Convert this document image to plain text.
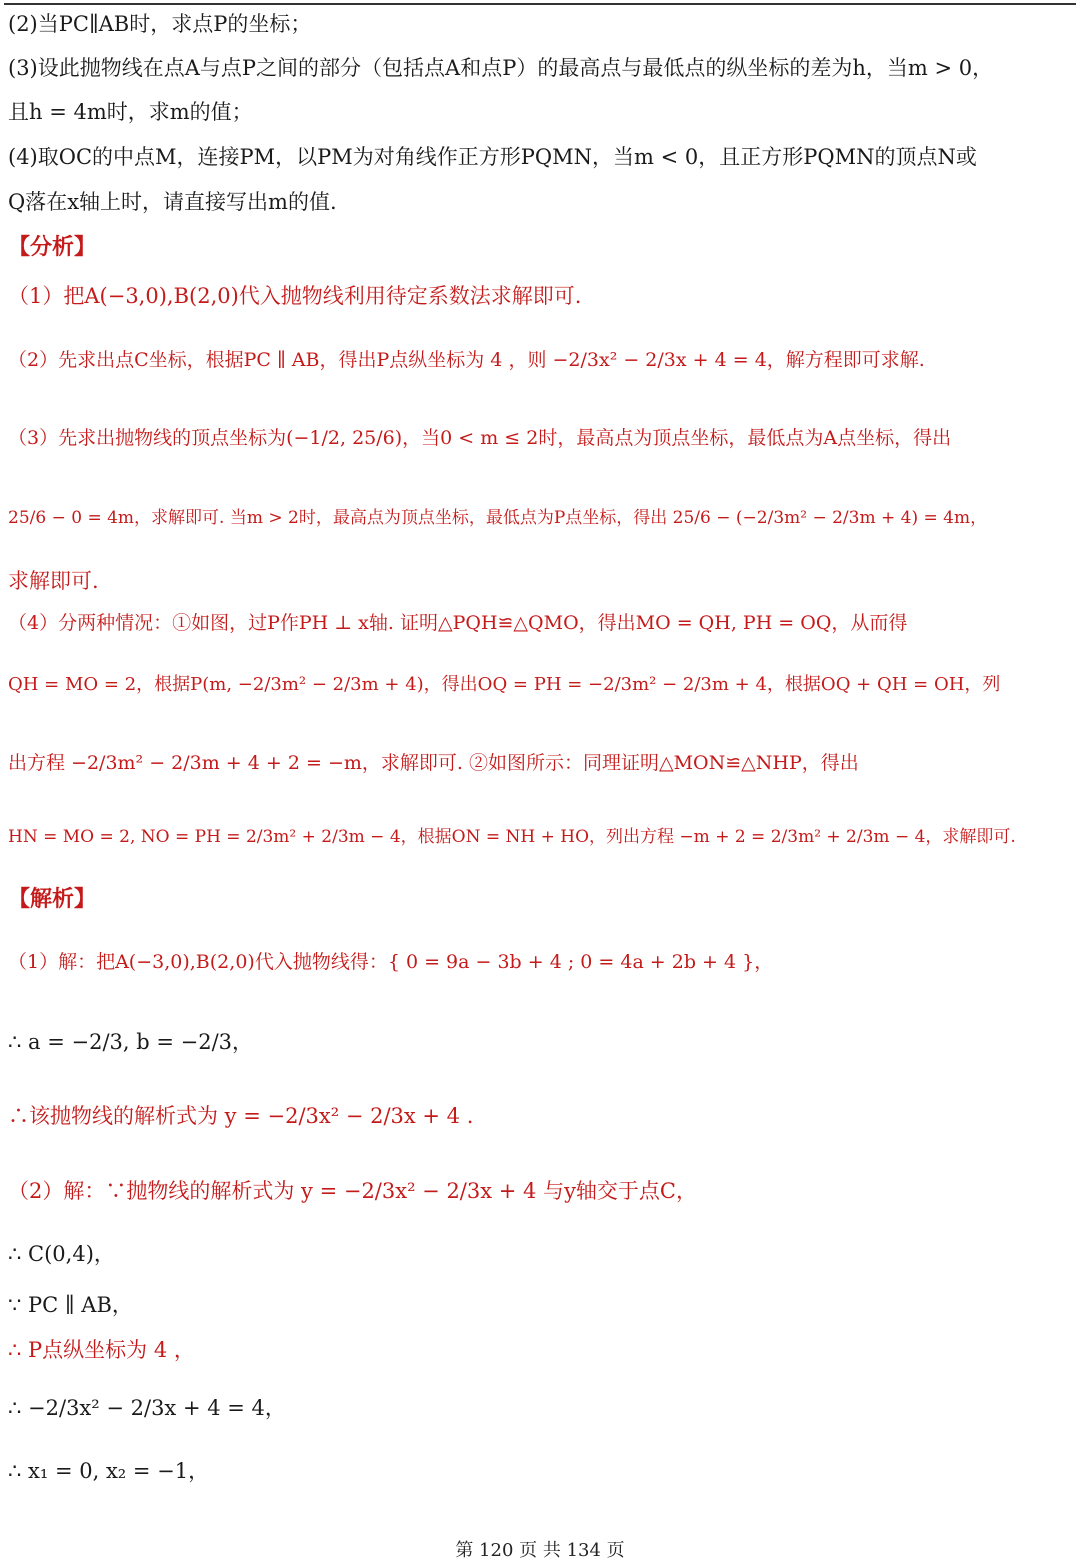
(2)当PC∥AB时，求点P的坐标；
(3)设此抛物线在点A与点P之间的部分（包括点A和点P）的最高点与最低点的纵坐标的差为h，当m > 0，
且h = 4m时，求m的值；
(4)取OC的中点M，连接PM，以PM为对角线作正方形PQMN，当m < 0，且正方形PQMN的顶点N或
Q落在x轴上时，请直接写出m的值.
【分析】
（1）把A(−3,0),B(2,0)代入抛物线利用待定系数法求解即可.
（2）先求出点C坐标，根据PC ∥ AB，得出P点纵坐标为 4 ，则 −2/3x² − 2/3x + 4 = 4，解方程即可求解.
（3）先求出抛物线的顶点坐标为(−1/2, 25/6)，当0 < m ≤ 2时，最高点为顶点坐标，最低点为A点坐标，得出
25/6 − 0 = 4m，求解即可. 当m > 2时，最高点为顶点坐标，最低点为P点坐标，得出 25/6 − (−2/3m² − 2/3m + 4) = 4m，
求解即可.
（4）分两种情况：①如图，过P作PH ⊥ x轴. 证明△PQH≌△QMO，得出MO = QH, PH = OQ，从而得
QH = MO = 2，根据P(m, −2/3m² − 2/3m + 4)，得出OQ = PH = −2/3m² − 2/3m + 4，根据OQ + QH = OH，列
出方程 −2/3m² − 2/3m + 4 + 2 = −m，求解即可. ②如图所示：同理证明△MON≌△NHP，得出
HN = MO = 2, NO = PH = 2/3m² + 2/3m − 4，根据ON = NH + HO，列出方程 −m + 2 = 2/3m² + 2/3m − 4，求解即可.
【解析】
（1）解：把A(−3,0),B(2,0)代入抛物线得：{ 0 = 9a − 3b + 4 ; 0 = 4a + 2b + 4 }，
∴ a = −2/3, b = −2/3，
∴该抛物线的解析式为 y = −2/3x² − 2/3x + 4 .
（2）解：∵抛物线的解析式为 y = −2/3x² − 2/3x + 4 与y轴交于点C，
∴ C(0,4)，
∵ PC ∥ AB，
∴ P点纵坐标为 4 ，
∴ −2/3x² − 2/3x + 4 = 4，
∴ x₁ = 0, x₂ = −1，
第 120 页 共 134 页
